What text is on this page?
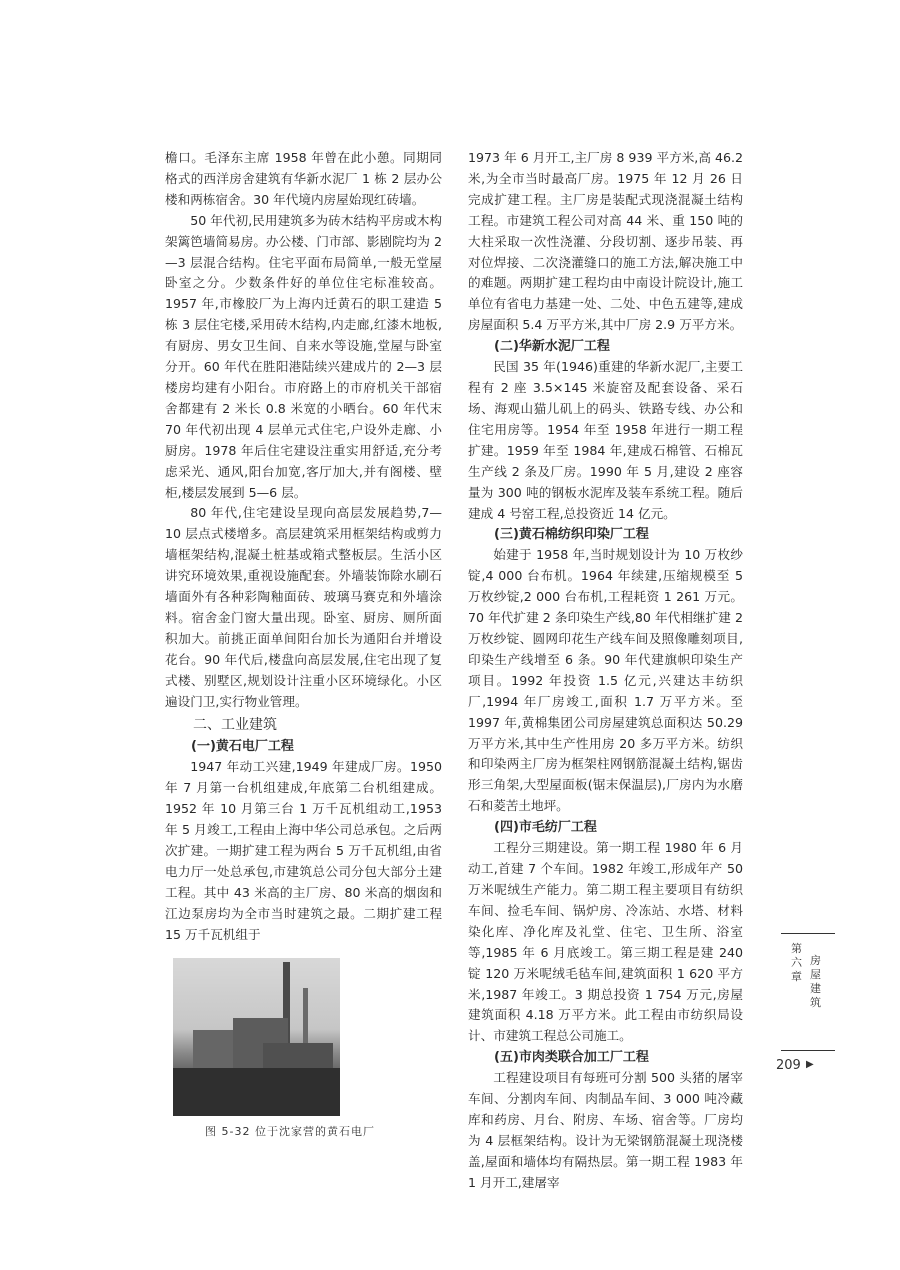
檐口。毛泽东主席 1958 年曾在此小憩。同期同格式的西洋房舍建筑有华新水泥厂 1 栋 2 层办公楼和两栋宿舍。30 年代境内房屋始现红砖墙。

50 年代初,民用建筑多为砖木结构平房或木构架篱笆墙简易房。办公楼、门市部、影剧院均为 2—3 层混合结构。住宅平面布局简单,一般无堂屋卧室之分。少数条件好的单位住宅标准较高。1957 年,市橡胶厂为上海内迁黄石的职工建造 5 栋 3 层住宅楼,采用砖木结构,内走廊,红漆木地板,有厨房、男女卫生间、自来水等设施,堂屋与卧室分开。60 年代在胜阳港陆续兴建成片的 2—3 层楼房均建有小阳台。市府路上的市府机关干部宿舍都建有 2 米长 0.8 米宽的小晒台。60 年代末 70 年代初出现 4 层单元式住宅,户设外走廊、小厨房。1978 年后住宅建设注重实用舒适,充分考虑采光、通风,阳台加宽,客厅加大,并有阁楼、壁柜,楼层发展到 5—6 层。

80 年代,住宅建设呈现向高层发展趋势,7—10 层点式楼增多。高层建筑采用框架结构或剪力墙框架结构,混凝土桩基或箱式整板层。生活小区讲究环境效果,重视设施配套。外墙装饰除水刷石墙面外有各种彩陶釉面砖、玻璃马赛克和外墙涂料。宿舍金门窗大量出现。卧室、厨房、厕所面积加大。前挑正面单间阳台加长为通阳台并增设花台。90 年代后,楼盘向高层发展,住宅出现了复式楼、别墅区,规划设计注重小区环境绿化。小区遍设门卫,实行物业管理。

二、工业建筑
(一)黄石电厂工程

1947 年动工兴建,1949 年建成厂房。1950 年 7 月第一台机组建成,年底第二台机组建成。1952 年 10 月第三台 1 万千瓦机组动工,1953 年 5 月竣工,工程由上海中华公司总承包。之后两次扩建。一期扩建工程为两台 5 万千瓦机组,由省电力厅一处总承包,市建筑总公司分包大部分土建工程。其中 43 米高的主厂房、80 米高的烟囱和江边泵房均为全市当时建筑之最。二期扩建工程 15 万千瓦机组于

图 5-32 位于沈家营的黄石电厂

1973 年 6 月开工,主厂房 8 939 平方米,高 46.2 米,为全市当时最高厂房。1975 年 12 月 26 日完成扩建工程。主厂房是装配式现浇混凝土结构工程。市建筑工程公司对高 44 米、重 150 吨的大柱采取一次性浇灌、分段切割、逐步吊装、再对位焊接、二次浇灌缝口的施工方法,解决施工中的难题。两期扩建工程均由中南设计院设计,施工单位有省电力基建一处、二处、中色五建等,建成房屋面积 5.4 万平方米,其中厂房 2.9 万平方米。

(二)华新水泥厂工程

民国 35 年(1946)重建的华新水泥厂,主要工程有 2 座 3.5×145 米旋窑及配套设备、采石场、海观山猫儿矶上的码头、铁路专线、办公和住宅用房等。1954 年至 1958 年进行一期工程扩建。1959 年至 1984 年,建成石棉管、石棉瓦生产线 2 条及厂房。1990 年 5 月,建设 2 座容量为 300 吨的钢板水泥库及装车系统工程。随后建成 4 号窑工程,总投资近 14 亿元。

(三)黄石棉纺织印染厂工程

始建于 1958 年,当时规划设计为 10 万枚纱锭,4 000 台布机。1964 年续建,压缩规模至 5 万枚纱锭,2 000 台布机,工程耗资 1 261 万元。70 年代扩建 2 条印染生产线,80 年代相继扩建 2 万枚纱锭、圆网印花生产线车间及照像雕刻项目,印染生产线增至 6 条。90 年代建旗帜印染生产项目。1992 年投资 1.5 亿元,兴建达丰纺织厂,1994 年厂房竣工,面积 1.7 万平方米。至 1997 年,黄棉集团公司房屋建筑总面积达 50.29 万平方米,其中生产性用房 20 多万平方米。纺织和印染两主厂房为框架柱网钢筋混凝土结构,锯齿形三角架,大型屋面板(锯末保温层),厂房内为水磨石和菱苦土地坪。

(四)市毛纺厂工程

工程分三期建设。第一期工程 1980 年 6 月动工,首建 7 个车间。1982 年竣工,形成年产 50 万米呢绒生产能力。第二期工程主要项目有纺织车间、捡毛车间、锅炉房、冷冻站、水塔、材料染化库、净化库及礼堂、住宅、卫生所、浴室等,1985 年 6 月底竣工。第三期工程是建 240 锭 120 万米呢绒毛毡车间,建筑面积 1 620 平方米,1987 年竣工。3 期总投资 1 754 万元,房屋建筑面积 4.18 万平方米。此工程由市纺织局设计、市建筑工程总公司施工。

(五)市肉类联合加工厂工程

工程建设项目有每班可分割 500 头猪的屠宰车间、分割肉车间、肉制品车间、3 000 吨冷藏库和药房、月台、附房、车场、宿舍等。厂房均为 4 层框架结构。设计为无梁钢筋混凝土现浇楼盖,屋面和墙体均有隔热层。第一期工程 1983 年 1 月开工,建屠宰

第六章
房屋建筑
209 ▶
